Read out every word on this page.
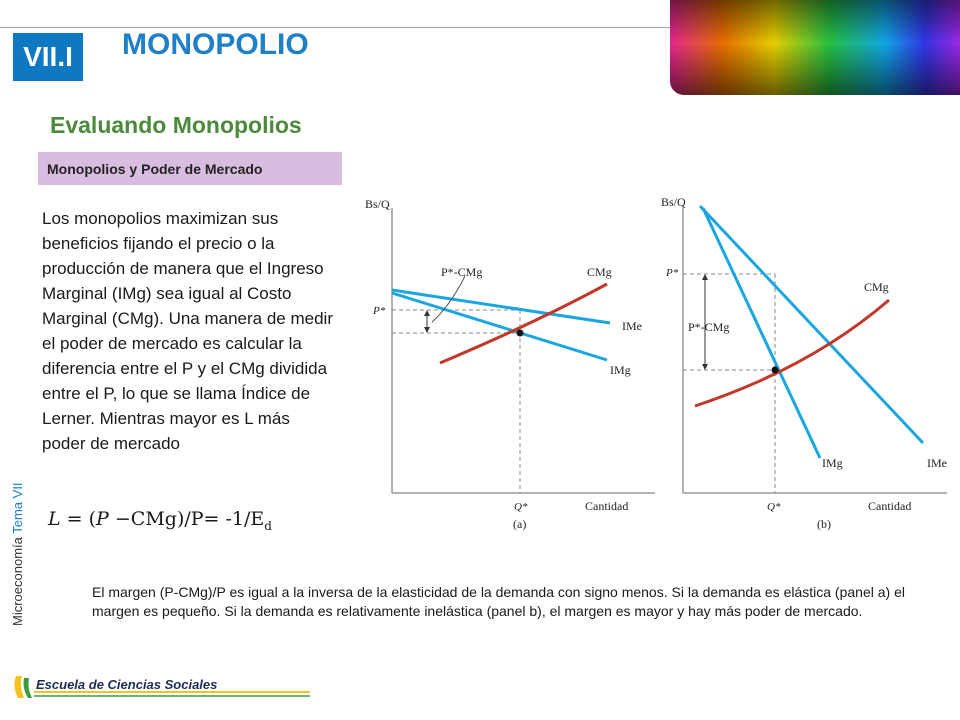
VII.I	MONOPOLIO
Evaluando Monopolios
Monopolios y Poder de Mercado
Los monopolios maximizan sus beneficios fijando el precio o la producción de manera que el Ingreso Marginal (IMg) sea igual al Costo Marginal (CMg). Una manera de medir el poder de mercado es calcular la diferencia entre el P y el CMg dividida entre el P, lo que se llama Índice de Lerner. Mientras mayor es L más poder de mercado
$L = (P -CMg)/P= -1/E_d$
Microeconomía Tema VII
Bs/Q
Cantidad
P*
Q*
(a)
P*-CMg	CMg
IMe
IMg
Bs/Q
Cantidad
P*
Q*
(b)
P*-CMg
CMg
IMe
IMg
El margen (P-CMg)/P es igual a la inversa de la elasticidad de la demanda con signo menos. Si la demanda es elástica (panel a) el margen es pequeño. Si la demanda es relativamente inelástica (panel b), el margen es mayor y hay más poder de mercado.
Escuela de Ciencias Sociales
